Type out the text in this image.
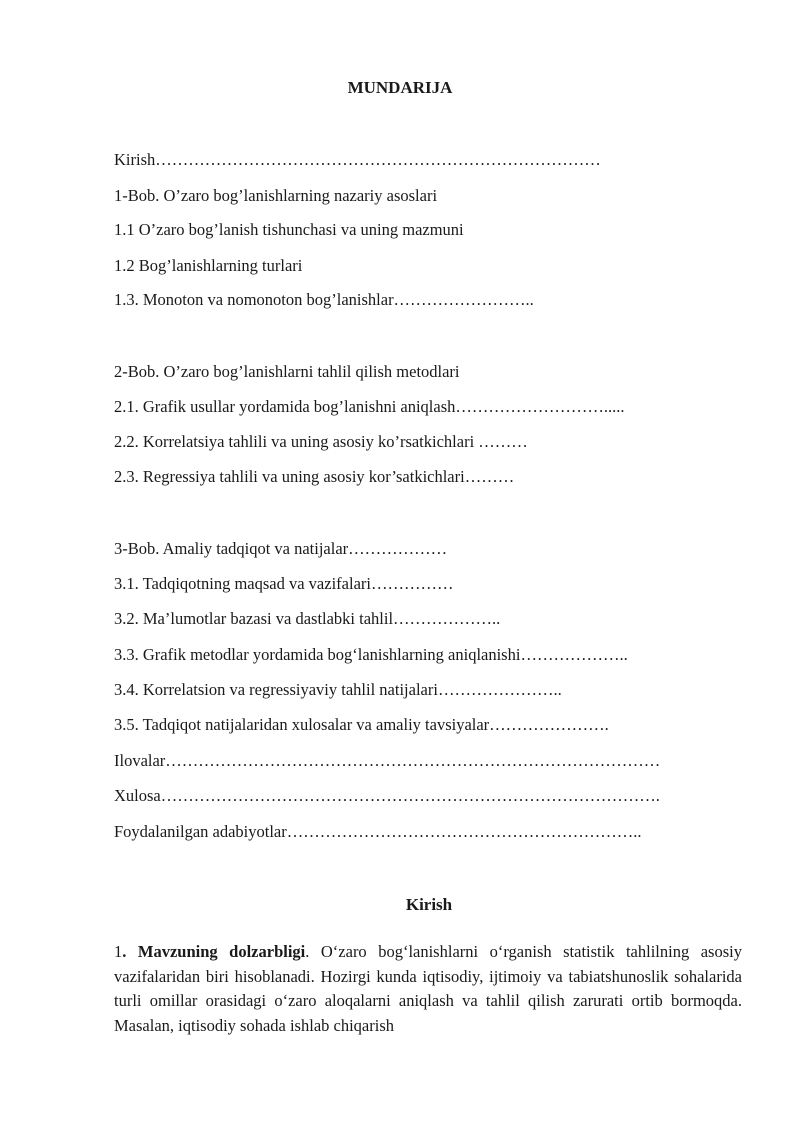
MUNDARIJA
Kirish………………………………………………………………………
1-Bob. O’zaro bog’lanishlarning nazariy asoslari
1.1 O’zaro bog’lanish tishunchasi va uning mazmuni
1.2 Bog’lanishlarning turlari
1.3. Monoton va nomonoton bog’lanishlar……………………..
2-Bob. O’zaro bog’lanishlarni tahlil qilish metodlari
2.1. Grafik usullar yordamida bog’lanishni aniqlash……………………….....
2.2. Korrelatsiya tahlili va uning asosiy ko’rsatkichlari ………
2.3. Regressiya tahlili va uning asosiy kor’satkichlari………
3-Bob. Amaliy tadqiqot va natijalar………………
3.1. Tadqiqotning maqsad va vazifalari……………
3.2. Ma’lumotlar bazasi va dastlabki tahlil………………..
3.3. Grafik metodlar yordamida bog‘lanishlarning aniqlanishi………………..
3.4. Korrelatsion va regressiyaviy tahlil natijalari…………………..
3.5. Tadqiqot natijalaridan xulosalar va amaliy tavsiyalar………………….
Ilovalar………………………………………………………………………………
Xulosa……………………………………………………………………………….
Foydalanilgan adabiyotlar………………………………………………………..
Kirish
1. Mavzuning dolzarbligi. O‘zaro bog‘lanishlarni o‘rganish statistik tahlilning asosiy vazifalaridan biri hisoblanadi. Hozirgi kunda iqtisodiy, ijtimoiy va tabiatshunoslik sohalarida turli omillar orasidagi o‘zaro aloqalarni aniqlash va tahlil qilish zarurati ortib bormoqda. Masalan, iqtisodiy sohada ishlab chiqarish
